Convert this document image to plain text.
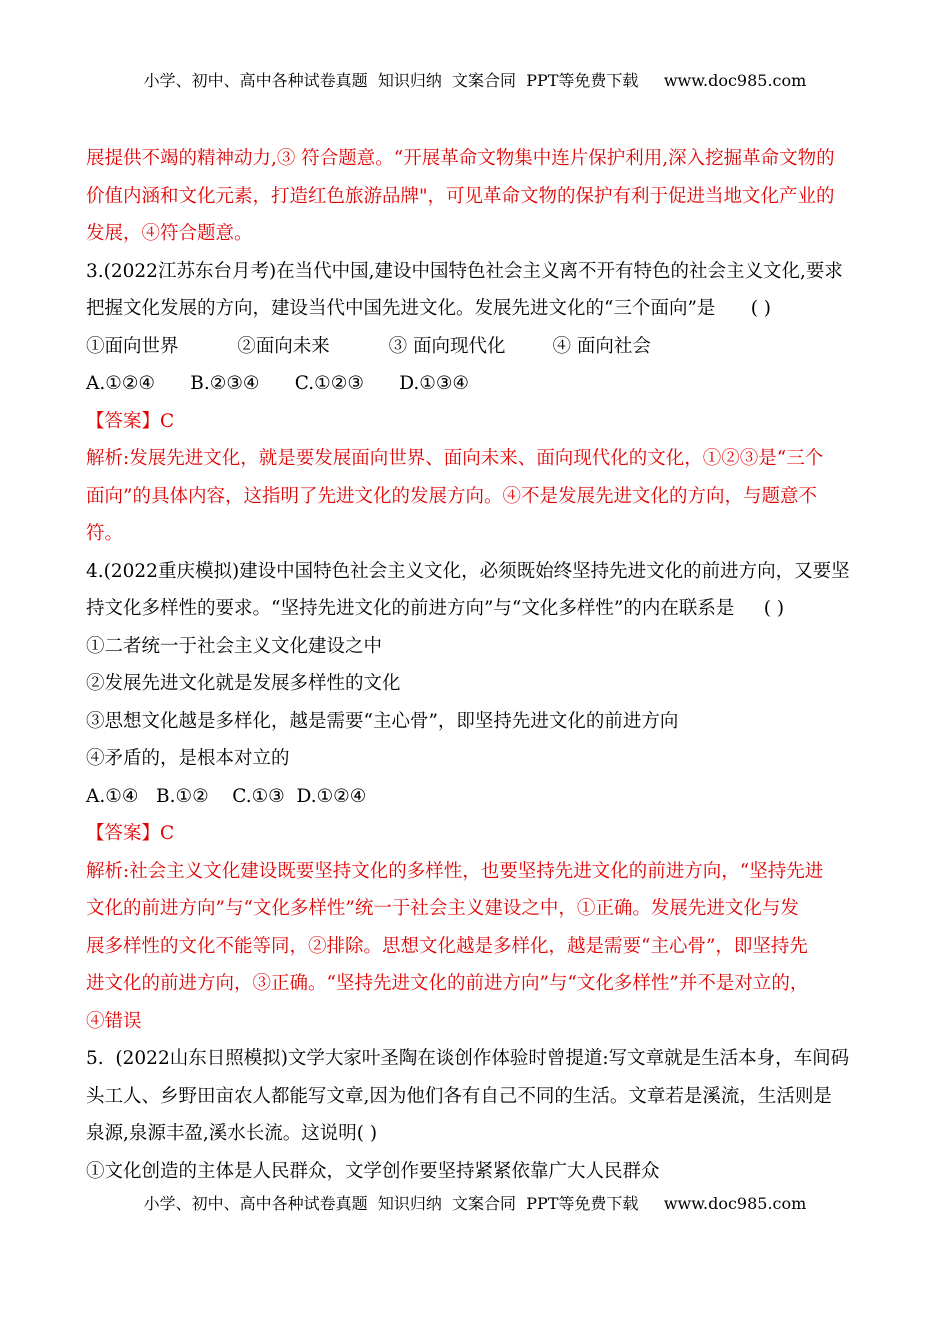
小学、初中、高中各种试卷真题  知识归纳  文案合同  PPT等免费下载     www.doc985.com
展提供不竭的精神动力,③ 符合题意。“开展革命文物集中连片保护利用,深入挖掘革命文物的
价值内涵和文化元素，打造红色旅游品牌"，可见革命文物的保护有利于促进当地文化产业的
发展，④符合题意。
3.(2022江苏东台月考)在当代中国,建设中国特色社会主义离不开有特色的社会主义文化,要求
把握文化发展的方向，建设当代中国先进文化。发展先进文化的“三个面向”是      ( )
①面向世界          ②面向未来          ③ 面向现代化        ④ 面向社会
A.①②④      B.②③④      C.①②③      D.①③④
【答案】C
解析:发展先进文化，就是要发展面向世界、面向未来、面向现代化的文化，①②③是“三个
面向”的具体内容，这指明了先进文化的发展方向。④不是发展先进文化的方向，与题意不
符。
4.(2022重庆模拟)建设中国特色社会主义文化，必须既始终坚持先进文化的前进方向，又要坚
持文化多样性的要求。“坚持先进文化的前进方向”与“文化多样性”的内在联系是     ( )
①二者统一于社会主义文化建设之中
②发展先进文化就是发展多样性的文化
③思想文化越是多样化，越是需要“主心骨”，即坚持先进文化的前进方向
④矛盾的，是根本对立的
A.①④   B.①②    C.①③  D.①②④
【答案】C
解析:社会主义文化建设既要坚持文化的多样性，也要坚持先进文化的前进方向，“坚持先进
文化的前进方向”与“文化多样性”统一于社会主义建设之中，①正确。发展先进文化与发
展多样性的文化不能等同，②排除。思想文化越是多样化，越是需要“主心骨”，即坚持先
进文化的前进方向，③正确。“坚持先进文化的前进方向”与“文化多样性”并不是对立的，
④错误
5.  (2022山东日照模拟)文学大家叶圣陶在谈创作体验时曾提道:写文章就是生活本身，车间码
头工人、乡野田亩农人都能写文章,因为他们各有自己不同的生活。文章若是溪流，生活则是
泉源,泉源丰盈,溪水长流。这说明( )
①文化创造的主体是人民群众，文学创作要坚持紧紧依靠广大人民群众
小学、初中、高中各种试卷真题  知识归纳  文案合同  PPT等免费下载     www.doc985.com
